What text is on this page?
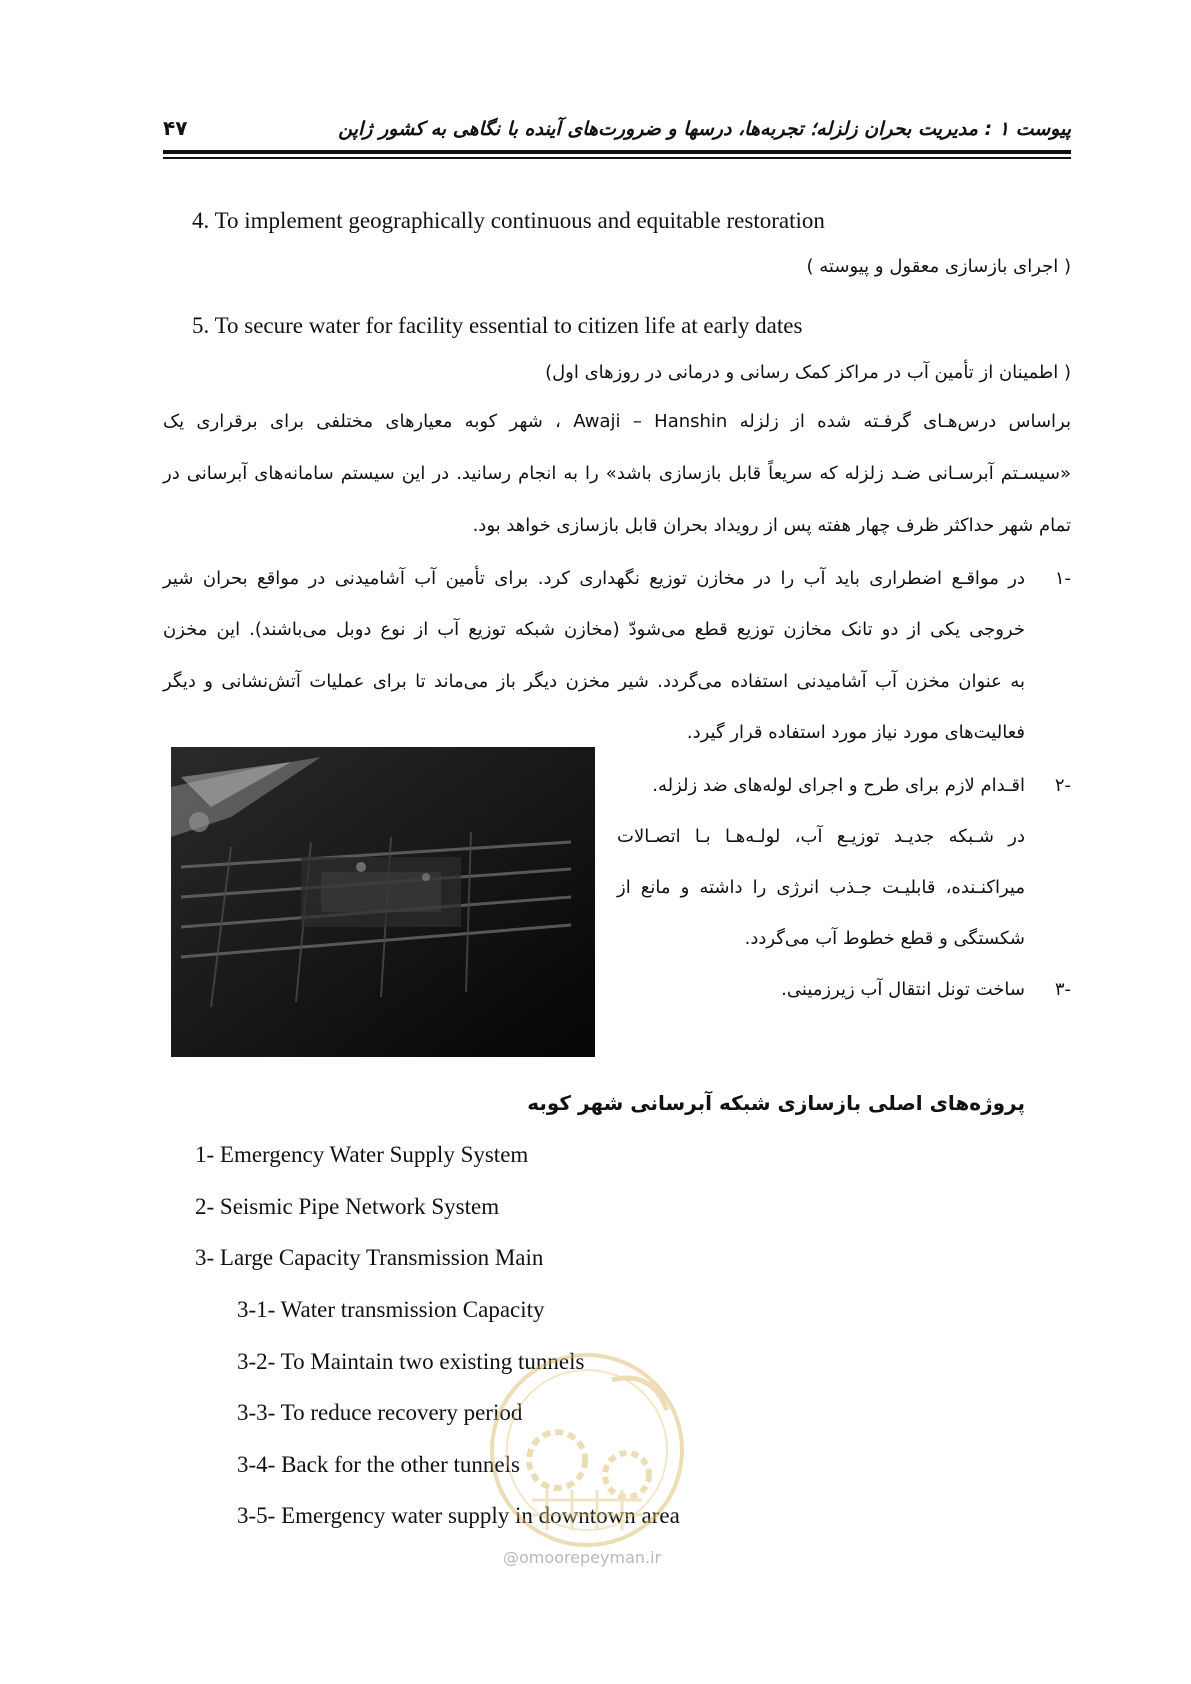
پیوست ۱ : مدیریت بحران زلزله؛ تجربه‌ها، درسها و ضرورت‌های آینده با نگاهی به کشور ژاپن
۴۷
4. To implement geographically continuous and equitable restoration
( اجرای بازسازی معقول و پیوسته )
5. To secure water for facility essential to citizen life at early dates
( اطمینان از تأمین آب در مراکز کمک رسانی و درمانی در روزهای اول)
براساس درس‌هـای گرفـته شده از زلزله Awaji – Hanshin ، شهر کوبه معیارهای مختلفی برای برقراری یک
«سیسـتم آبرسـانی ضـد زلزله که سریعاً قابل بازسازی باشد» را به انجام رسانید. در این سیستم سامانه‌های آبرسانی در
تمام شهر حداکثر ظرف چهار هفته پس از رویداد بحران قابل بازسازی خواهد بود.
-۱
در مواقـع اضطراری باید آب را در مخازن توزیع نگهداری کرد. برای تأمین آب آشامیدنی در مواقع بحران شیر
خروجی یکی از دو تانک مخازن توزیع قطع می‌شودّ (مخازن شبکه توزیع آب از نوع دوبل می‌باشند). این مخزن
به عنوان مخزن آب آشامیدنی استفاده می‌گردد. شیر مخزن دیگر باز می‌ماند تا برای عملیات آتش‌نشانی و دیگر
فعالیت‌های مورد نیاز مورد استفاده قرار گیرد.
-۲
اقـدام لازم برای طرح و اجرای لوله‌های ضد زلزله.
در شـبکه جدیـد توزیـع آب، لولـه‌هـا بـا اتصـالات
میراکنـنده، قابلیـت جـذب انرژی را داشته و مانع از
شکستگی و قطع خطوط آب می‌گردد.
-۳
ساخت تونل انتقال آب زیرزمینی.
پروژه‌های اصلی بازسازی شبکه آبرسانی شهر کوبه
1- Emergency Water Supply System
2- Seismic Pipe Network System
3- Large Capacity Transmission Main
3-1- Water transmission Capacity
3-2- To Maintain two existing tunnels
3-3- To reduce recovery period
3-4- Back for the other tunnels
3-5- Emergency water supply in downtown area
@omoorepeyman.ir
